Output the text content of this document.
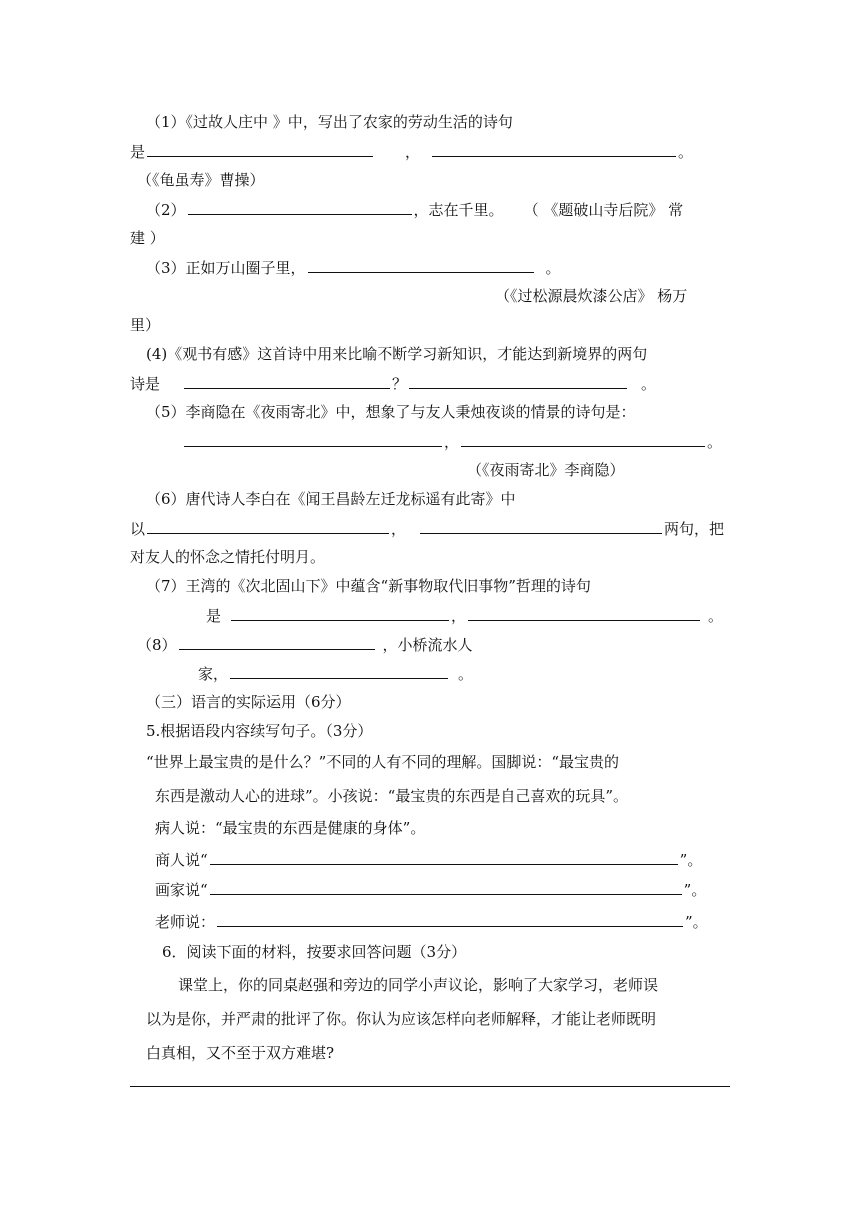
（1）《过故人庄中 》中，写出了农家的劳动生活的诗句
是	，	。
（《龟虽寿》曹操）
（2）	，志在千里。 （ 《题破山寺后院》 常
建 ）
（3）正如万山圈子里，	。
（《过松源晨炊漆公店》 杨万
里）
(4)《观书有感》这首诗中用来比喻不断学习新知识，才能达到新境界的两句
诗是	？	。
（5）李商隐在《夜雨寄北》中，想象了与友人秉烛夜谈的情景的诗句是：
，	。
（《夜雨寄北》李商隐）
（6）唐代诗人李白在《闻王昌龄左迁龙标遥有此寄》中
以	，	两句，把
对友人的怀念之情托付明月。
（7）王湾的《次北固山下》中蕴含“新事物取代旧事物”哲理的诗句
是	，	。
（8）	，小桥流水人
家，	。
（三）语言的实际运用（6分）
5.根据语段内容续写句子。（3分）
“世界上最宝贵的是什么？”不同的人有不同的理解。国脚说：“最宝贵的
东西是激动人心的进球”。小孩说：“最宝贵的东西是自己喜欢的玩具”。
病人说：“最宝贵的东西是健康的身体”。
商人说“	”。
画家说“	”。
老师说：	”。
6．阅读下面的材料，按要求回答问题（3分）
课堂上，你的同桌赵强和旁边的同学小声议论，影响了大家学习，老师误
以为是你，并严肃的批评了你。你认为应该怎样向老师解释，才能让老师既明
白真相，又不至于双方难堪?
